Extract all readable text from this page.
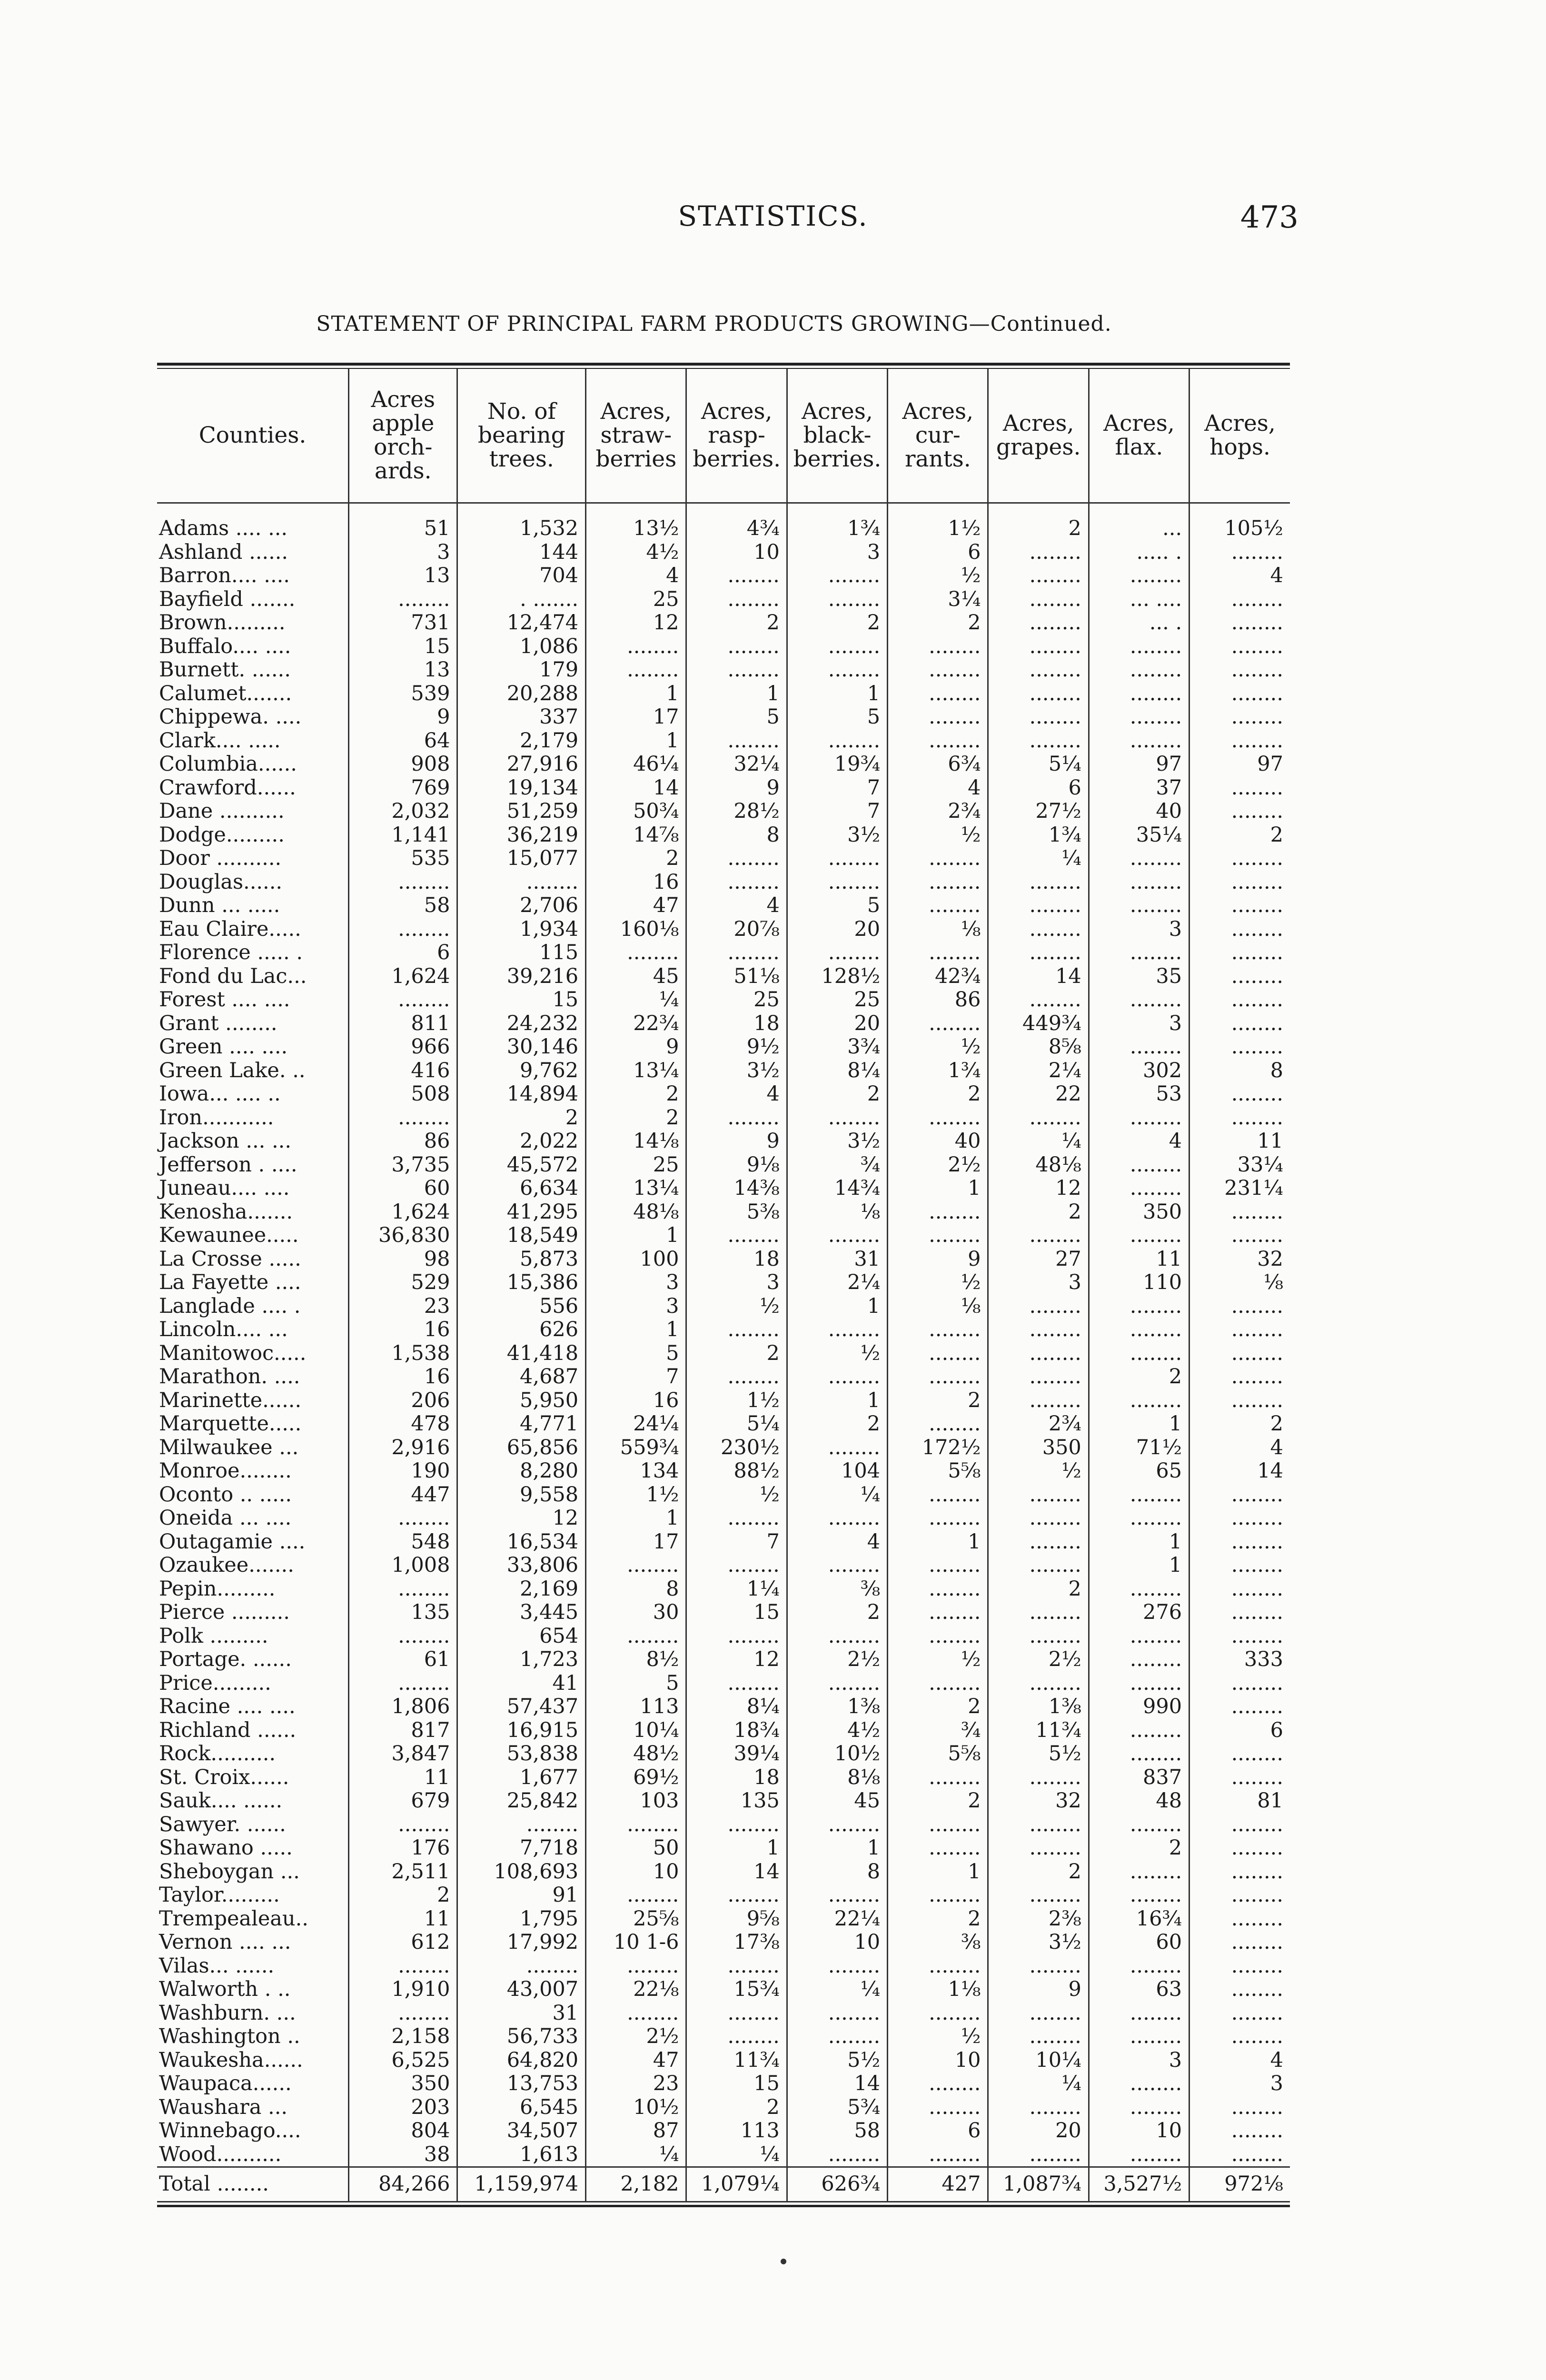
STATISTICS.	473
STATEMENT OF PRINCIPAL FARM PRODUCTS GROWING—Continued.
Counties.	Acres apple orch- ards.	No. of bearing trees.	Acres, straw- berries	Acres, rasp- berries.	Acres, black- berries.	Acres, cur- rants.	Acres, grapes.	Acres, flax.	Acres, hops.
Adams .... ...	51	1,532	13½	4¾	1¾	1½	2	...	105½
Ashland ......	3	144	4½	10	3	6	........	..... .	........
Barron.... ....	13	704	4	........	........	½	........	........	4
Bayfield .......	........	. .......	25	........	........	3¼	........	... ....	........
Brown.........	731	12,474	12	2	2	2	........	... .	........
Buffalo.... ....	15	1,086	........	........	........	........	........	........	........
Burnett. ......	13	179	........	........	........	........	........	........	........
Calumet.......	539	20,288	1	1	1	........	........	........	........
Chippewa. ....	9	337	17	5	5	........	........	........	........
Clark.... .....	64	2,179	1	........	........	........	........	........	........
Columbia......	908	27,916	46¼	32¼	19¾	6¾	5¼	97	97
Crawford......	769	19,134	14	9	7	4	6	37	........
Dane ..........	2,032	51,259	50¾	28½	7	2¾	27½	40	........
Dodge.........	1,141	36,219	14⅞	8	3½	½	1¾	35¼	2
Door ..........	535	15,077	2	........	........	........	¼	........	........
Douglas......	........	........	16	........	........	........	........	........	........
Dunn ... .....	58	2,706	47	4	5	........	........	........	........
Eau Claire.....	........	1,934	160⅛	20⅞	20	⅛	........	3	........
Florence ..... .	6	115	........	........	........	........	........	........	........
Fond du Lac...	1,624	39,216	45	51⅛	128½	42¾	14	35	........
Forest .... ....	........	15	¼	25	25	86	........	........	........
Grant ........	811	24,232	22¾	18	20	........	449¾	3	........
Green .... ....	966	30,146	9	9½	3¾	½	8⅝	........	........
Green Lake. ..	416	9,762	13¼	3½	8¼	1¾	2¼	302	8
Iowa... .... ..	508	14,894	2	4	2	2	22	53	........
Iron...........	........	2	2	........	........	........	........	........	........
Jackson ... ...	86	2,022	14⅛	9	3½	40	¼	4	11
Jefferson . ....	3,735	45,572	25	9⅛	¾	2½	48⅛	........	33¼
Juneau.... ....	60	6,634	13¼	14⅜	14¾	1	12	........	231¼
Kenosha.......	1,624	41,295	48⅛	5⅜	⅛	........	2	350	........
Kewaunee.....	36,830	18,549	1	........	........	........	........	........	........
La Crosse .....	98	5,873	100	18	31	9	27	11	32
La Fayette ....	529	15,386	3	3	2¼	½	3	110	⅛
Langlade .... .	23	556	3	½	1	⅛	........	........	........
Lincoln.... ...	16	626	1	........	........	........	........	........	........
Manitowoc.....	1,538	41,418	5	2	½	........	........	........	........
Marathon. ....	16	4,687	7	........	........	........	........	2	........
Marinette......	206	5,950	16	1½	1	2	........	........	........
Marquette.....	478	4,771	24¼	5¼	2	........	2¾	1	2
Milwaukee ...	2,916	65,856	559¾	230½	........	172½	350	71½	4
Monroe........	190	8,280	134	88½	104	5⅝	½	65	14
Oconto .. .....	447	9,558	1½	½	¼	........	........	........	........
Oneida ... ....	........	12	1	........	........	........	........	........	........
Outagamie ....	548	16,534	17	7	4	1	........	1	........
Ozaukee.......	1,008	33,806	........	........	........	........	........	1	........
Pepin.........	........	2,169	8	1¼	⅜	........	2	........	........
Pierce .........	135	3,445	30	15	2	........	........	276	........
Polk .........	........	654	........	........	........	........	........	........	........
Portage. ......	61	1,723	8½	12	2½	½	2½	........	333
Price.........	........	41	5	........	........	........	........	........	........
Racine .... ....	1,806	57,437	113	8¼	1⅜	2	1⅜	990	........
Richland ......	817	16,915	10¼	18¾	4½	¾	11¾	........	6
Rock..........	3,847	53,838	48½	39¼	10½	5⅝	5½	........	........
St. Croix......	11	1,677	69½	18	8⅛	........	........	837	........
Sauk.... ......	679	25,842	103	135	45	2	32	48	81
Sawyer. ......	........	........	........	........	........	........	........	........	........
Shawano .....	176	7,718	50	1	1	........	........	2	........
Sheboygan ...	2,511	108,693	10	14	8	1	2	........	........
Taylor.........	2	91	........	........	........	........	........	........	........
Trempealeau..	11	1,795	25⅝	9⅝	22¼	2	2⅜	16¾	........
Vernon .... ...	612	17,992	10 1-6	17⅜	10	⅜	3½	60	........
Vilas... ......	........	........	........	........	........	........	........	........	........
Walworth . ..	1,910	43,007	22⅛	15¾	¼	1⅛	9	63	........
Washburn. ...	........	31	........	........	........	........	........	........	........
Washington ..	2,158	56,733	2½	........	........	½	........	........	........
Waukesha......	6,525	64,820	47	11¾	5½	10	10¼	3	4
Waupaca......	350	13,753	23	15	14	........	¼	........	3
Waushara ...	203	6,545	10½	2	5¾	........	........	........	........
Winnebago....	804	34,507	87	113	58	6	20	10	........
Wood..........	38	1,613	¼	¼	........	........	........	........	........
Total ........	84,266	1,159,974	2,182	1,079¼	626¾	427	1,087¾	3,527½	972⅛
